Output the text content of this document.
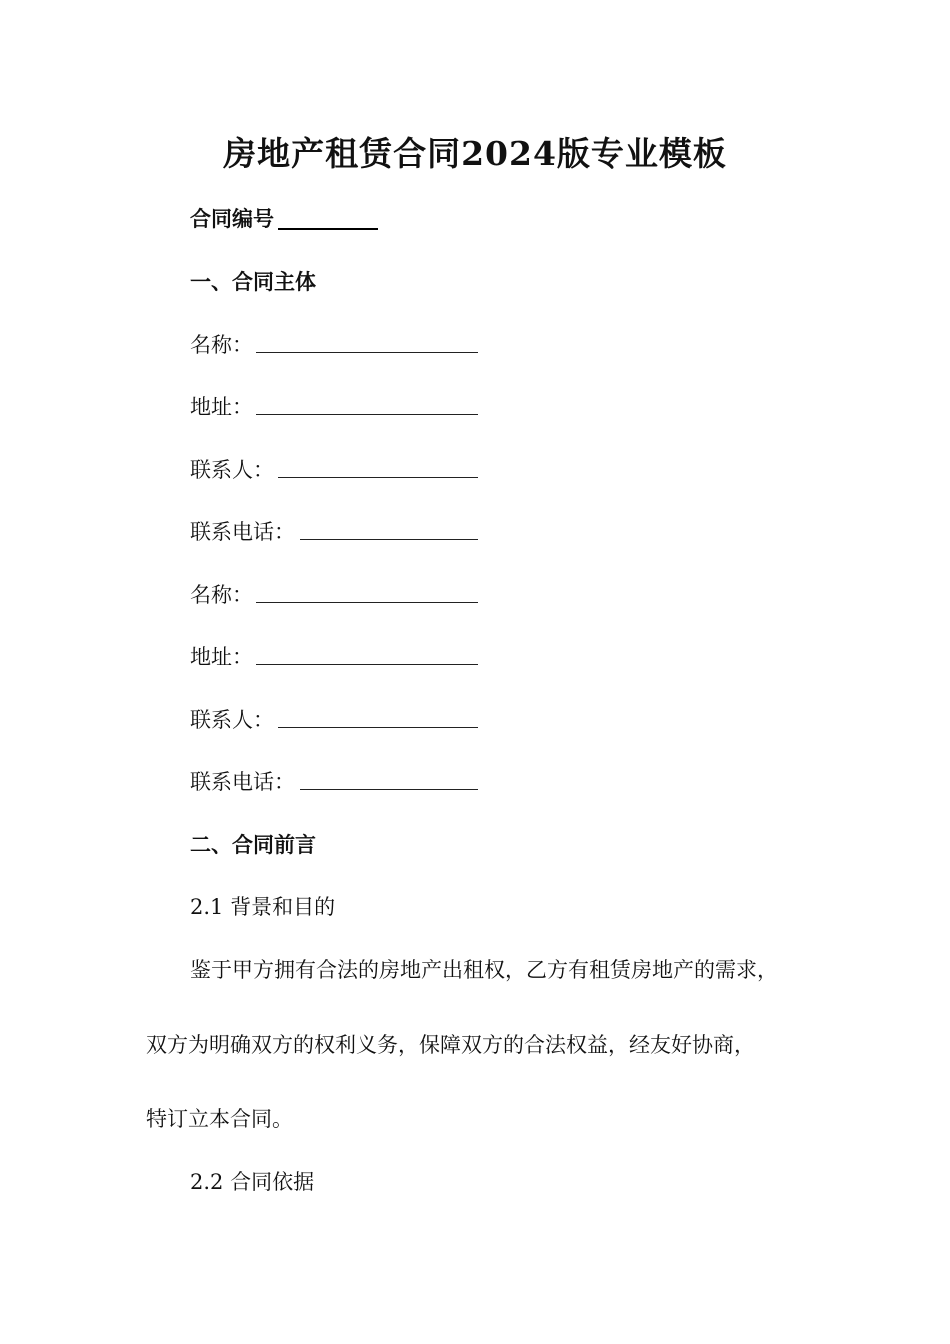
房地产租赁合同2024版专业模板
合同编号
一、合同主体
名称：
地址：
联系人：
联系电话：
名称：
地址：
联系人：
联系电话：
二、合同前言
2.1 背景和目的
鉴于甲方拥有合法的房地产出租权，乙方有租赁房地产的需求，
双方为明确双方的权利义务，保障双方的合法权益，经友好协商，
特订立本合同。
2.2 合同依据
